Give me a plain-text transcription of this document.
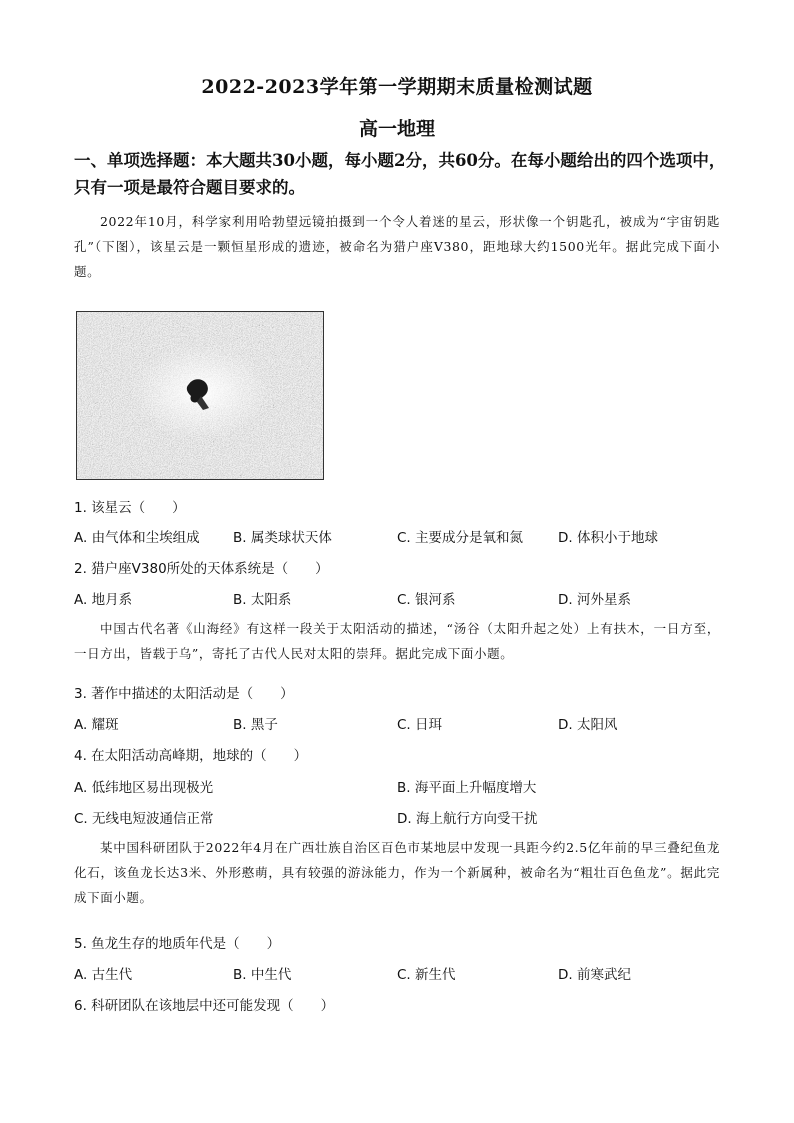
2022-2023学年第一学期期末质量检测试题
高一地理
一、单项选择题：本大题共30小题，每小题2分，共60分。在每小题给出的四个选项中，只有一项是最符合题目要求的。
2022年10月，科学家利用哈勃望远镜拍摄到一个令人着迷的星云，形状像一个钥匙孔，被成为“宇宙钥匙孔”（下图），该星云是一颗恒星形成的遗迹，被命名为猎户座V380，距地球大约1500光年。据此完成下面小题。
1. 该星云（　　）
A. 由气体和尘埃组成 B. 属类球状天体	C. 主要成分是氧和氮	D. 体积小于地球
2. 猎户座V380所处的天体系统是（　　）
A. 地月系	B. 太阳系	C. 银河系	D. 河外星系
中国古代名著《山海经》有这样一段关于太阳活动的描述，“汤谷（太阳升起之处）上有扶木，一日方至，一日方出，皆载于乌”，寄托了古代人民对太阳的崇拜。据此完成下面小题。
3. 著作中描述的太阳活动是（　　）
A. 耀斑	B. 黑子	C. 日珥	D. 太阳风
4. 在太阳活动高峰期，地球的（　　）
A. 低纬地区易出现极光	B. 海平面上升幅度增大
C. 无线电短波通信正常	D. 海上航行方向受干扰
某中国科研团队于2022年4月在广西壮族自治区百色市某地层中发现一具距今约2.5亿年前的早三叠纪鱼龙化石，该鱼龙长达3米、外形憨萌，具有较强的游泳能力，作为一个新属种，被命名为“粗壮百色鱼龙”。据此完成下面小题。
5. 鱼龙生存的地质年代是（　　）
A. 古生代	B. 中生代	C. 新生代	D. 前寒武纪
6. 科研团队在该地层中还可能发现（　　）
